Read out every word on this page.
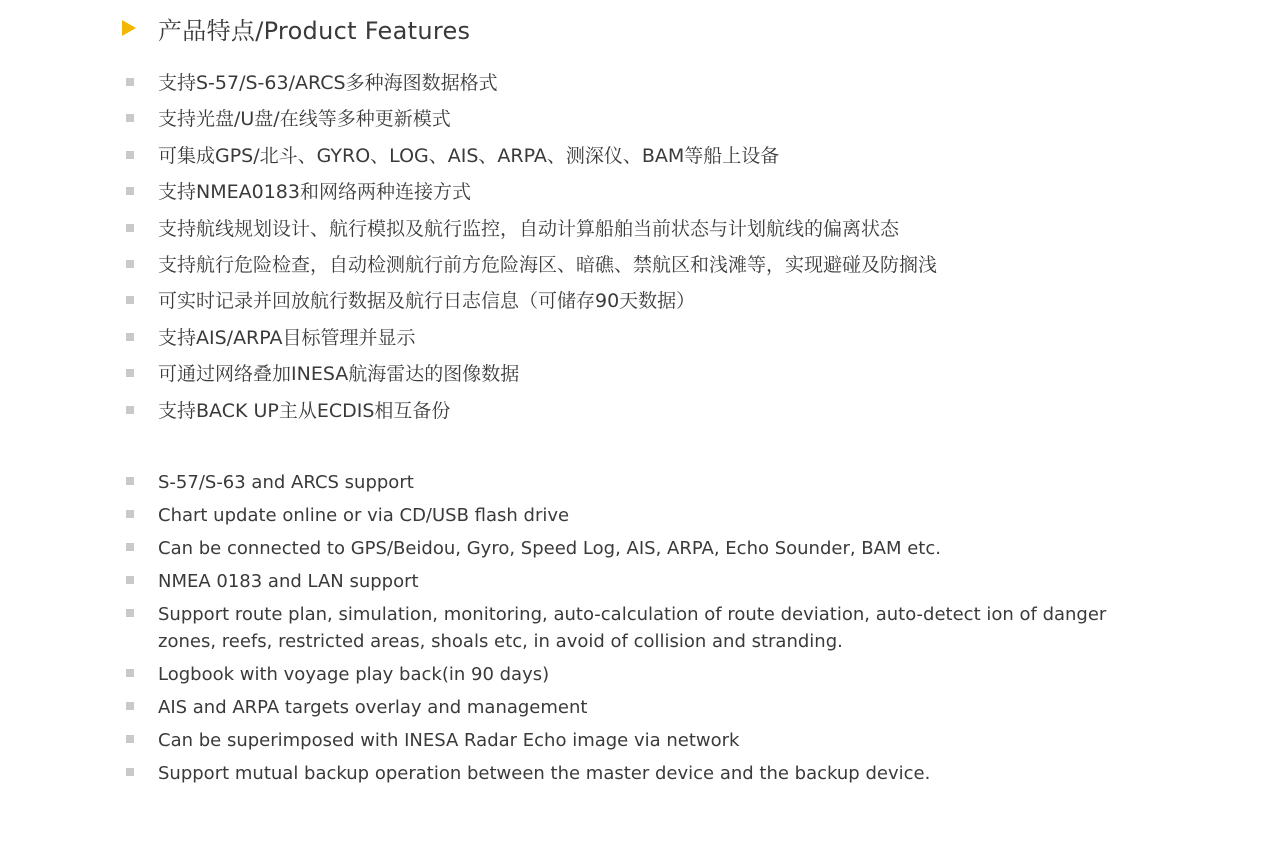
产品特点/Product Features
支持S-57/S-63/ARCS多种海图数据格式
支持光盘/U盘/在线等多种更新模式
可集成GPS/北斗、GYRO、LOG、AIS、ARPA、测深仪、BAM等船上设备
支持NMEA0183和网络两种连接方式
支持航线规划设计、航行模拟及航行监控，自动计算船舶当前状态与计划航线的偏离状态
支持航行危险检查，自动检测航行前方危险海区、暗礁、禁航区和浅滩等，实现避碰及防搁浅
可实时记录并回放航行数据及航行日志信息（可储存90天数据）
支持AIS/ARPA目标管理并显示
可通过网络叠加INESA航海雷达的图像数据
支持BACK UP主从ECDIS相互备份
S-57/S-63 and ARCS support
Chart update online or via CD/USB flash drive
Can be connected to GPS/Beidou, Gyro, Speed Log, AIS, ARPA, Echo Sounder, BAM etc.
NMEA 0183 and LAN support
Support route plan, simulation, monitoring, auto-calculation of route deviation, auto-detect ion of danger zones, reefs, restricted areas, shoals etc, in avoid of collision and stranding.
Logbook with voyage play back(in 90 days)
AIS and ARPA targets overlay and management
Can be superimposed with INESA Radar Echo image via network
Support mutual backup operation between the master device and the backup device.
